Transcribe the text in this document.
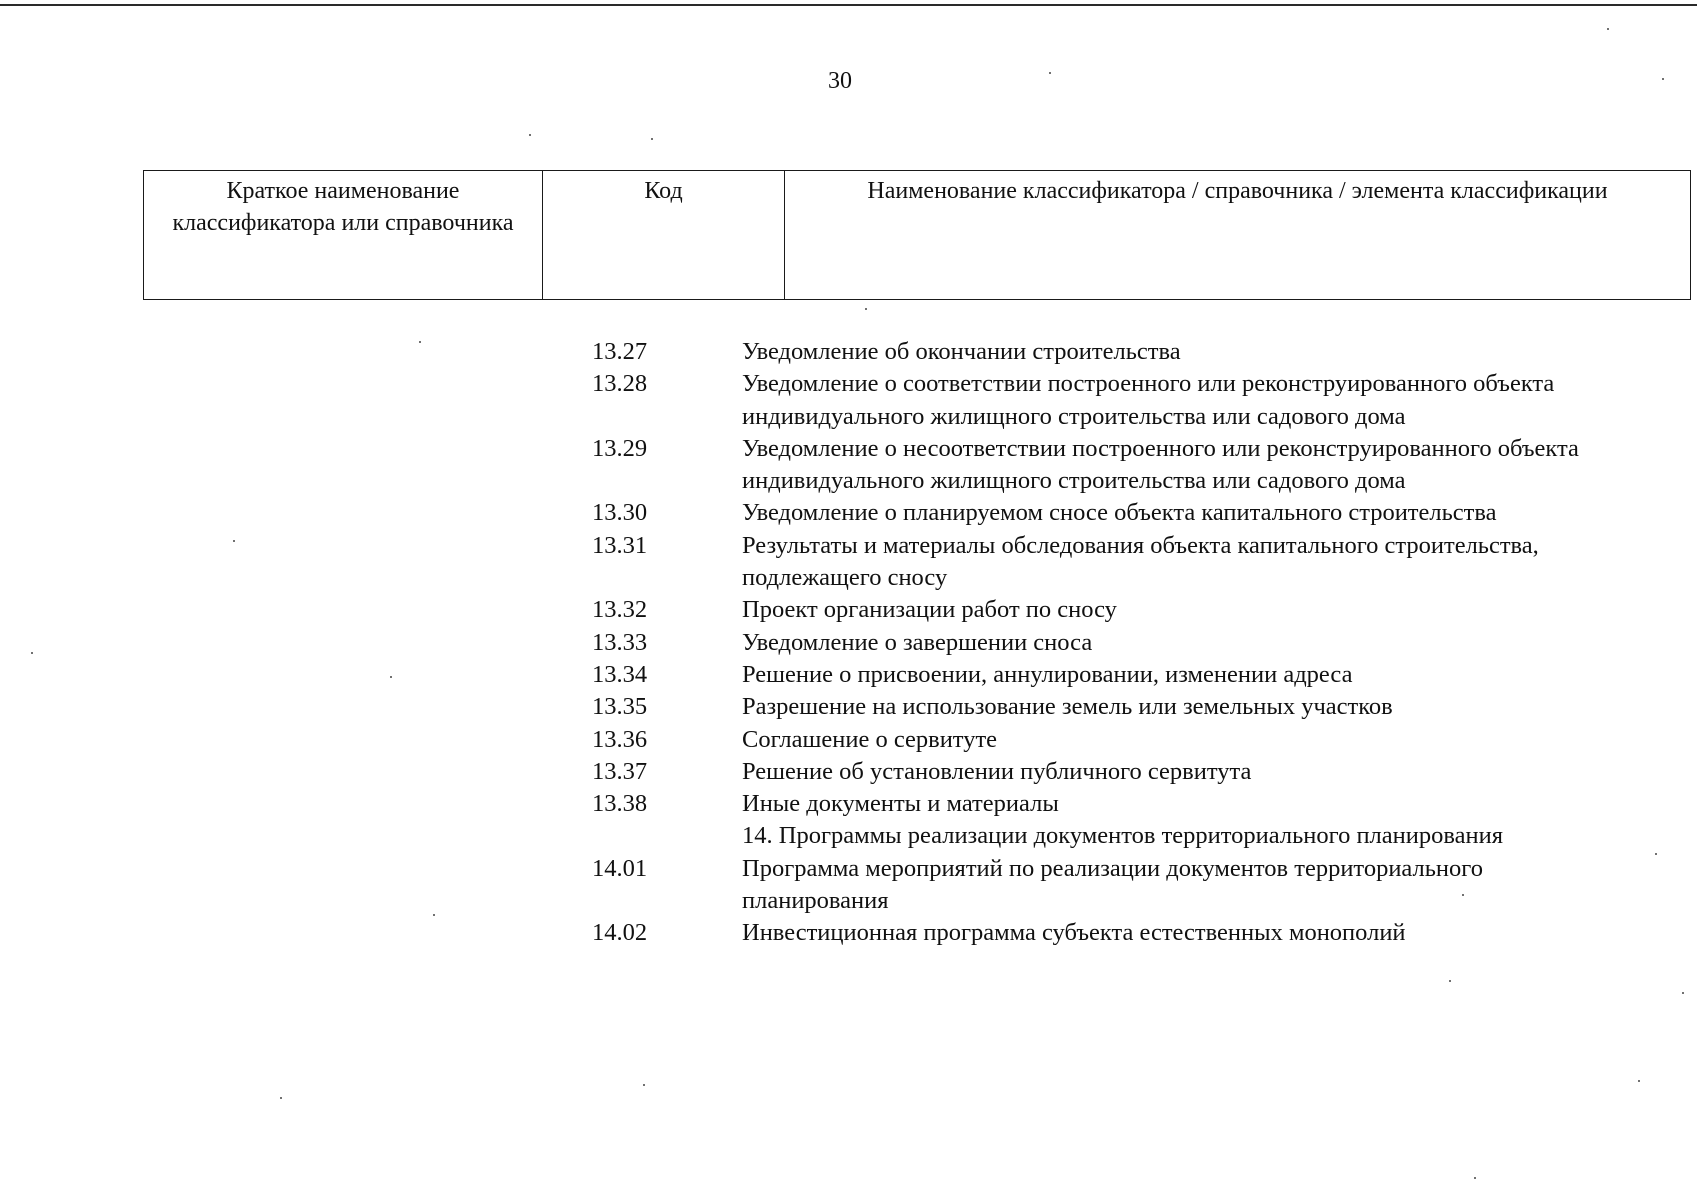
30
Краткое наименование классификатора или справочника	Код	Наименование классификатора / справочника / элемента классификации
13.27	Уведомление об окончании строительства
13.28	Уведомление о соответствии построенного или реконструированного объекта индивидуального жилищного строительства или садового дома
13.29	Уведомление о несоответствии построенного или реконструированного объекта индивидуального жилищного строительства или садового дома
13.30	Уведомление о планируемом сносе объекта капитального строительства
13.31	Результаты и материалы обследования объекта капитального строительства, подлежащего сносу
13.32	Проект организации работ по сносу
13.33	Уведомление о завершении сноса
13.34	Решение о присвоении, аннулировании, изменении адреса
13.35	Разрешение на использование земель или земельных участков
13.36	Соглашение о сервитуте
13.37	Решение об установлении публичного сервитута
13.38	Иные документы и материалы
14. Программы реализации документов территориального планирования
14.01	Программа мероприятий по реализации документов территориального планирования
14.02	Инвестиционная программа субъекта естественных монополий
